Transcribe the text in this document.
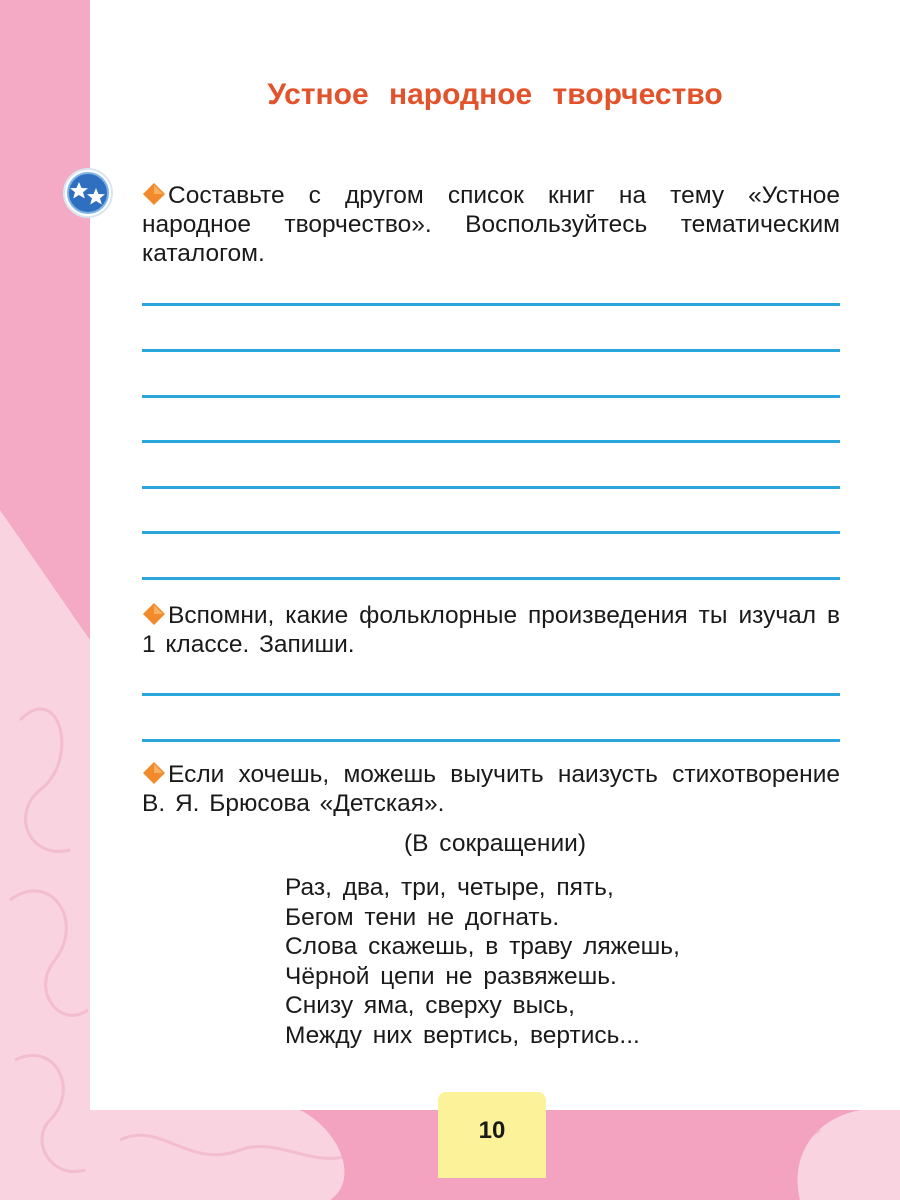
Устное народное творчество

Составьте с другом список книг на тему «Устное народное творчество». Воспользуйтесь тематическим каталогом.

Вспомни, какие фольклорные произведения ты изучал в 1 классе. Запиши.

Если хочешь, можешь выучить наизусть стихотворение В. Я. Брюсова «Детская».

(В сокращении)

Раз, два, три, четыре, пять,
Бегом тени не догнать.
Слова скажешь, в траву ляжешь,
Чёрной цепи не развяжешь.
Снизу яма, сверху высь,
Между них вертись, вертись...

10
